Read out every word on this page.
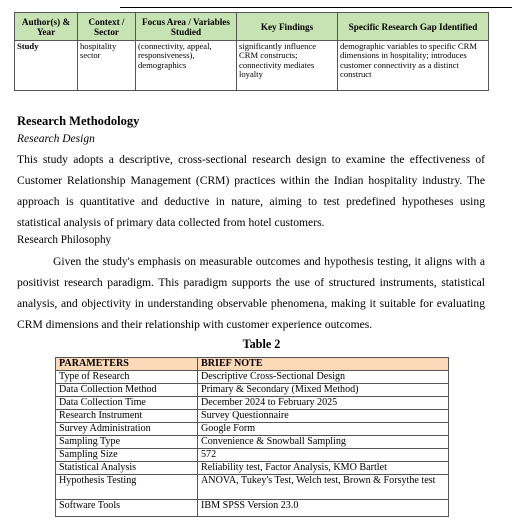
Author(s) & Year	Context / Sector	Focus Area / Variables Studied	Key Findings	Specific Research Gap Identified
Study	hospitality sector	(connectivity, appeal, responsiveness), demographics	significantly influence CRM constructs; connectivity mediates loyalty	demographic variables to specific CRM dimensions in hospitality; introduces customer connectivity as a distinct construct
Research Methodology
Research Design

This study adopts a descriptive, cross-sectional research design to examine the effectiveness of Customer Relationship Management (CRM) practices within the Indian hospitality industry. The approach is quantitative and deductive in nature, aiming to test predefined hypotheses using statistical analysis of primary data collected from hotel customers.

Research Philosophy

Given the study's emphasis on measurable outcomes and hypothesis testing, it aligns with a positivist research paradigm. This paradigm supports the use of structured instruments, statistical analysis, and objectivity in understanding observable phenomena, making it suitable for evaluating CRM dimensions and their relationship with customer experience outcomes.

Table 2
PARAMETERS	BRIEF NOTE
Type of Research	Descriptive Cross-Sectional Design
Data Collection Method	Primary & Secondary (Mixed Method)
Data Collection Time	December 2024 to February 2025
Research Instrument	Survey Questionnaire
Survey Administration	Google Form
Sampling Type	Convenience & Snowball Sampling
Sampling Size	572
Statistical Analysis	Reliability test, Factor Analysis, KMO Bartlet
Hypothesis Testing	ANOVA, Tukey's Test, Welch test, Brown & Forsythe test
Software Tools	IBM SPSS Version 23.0
